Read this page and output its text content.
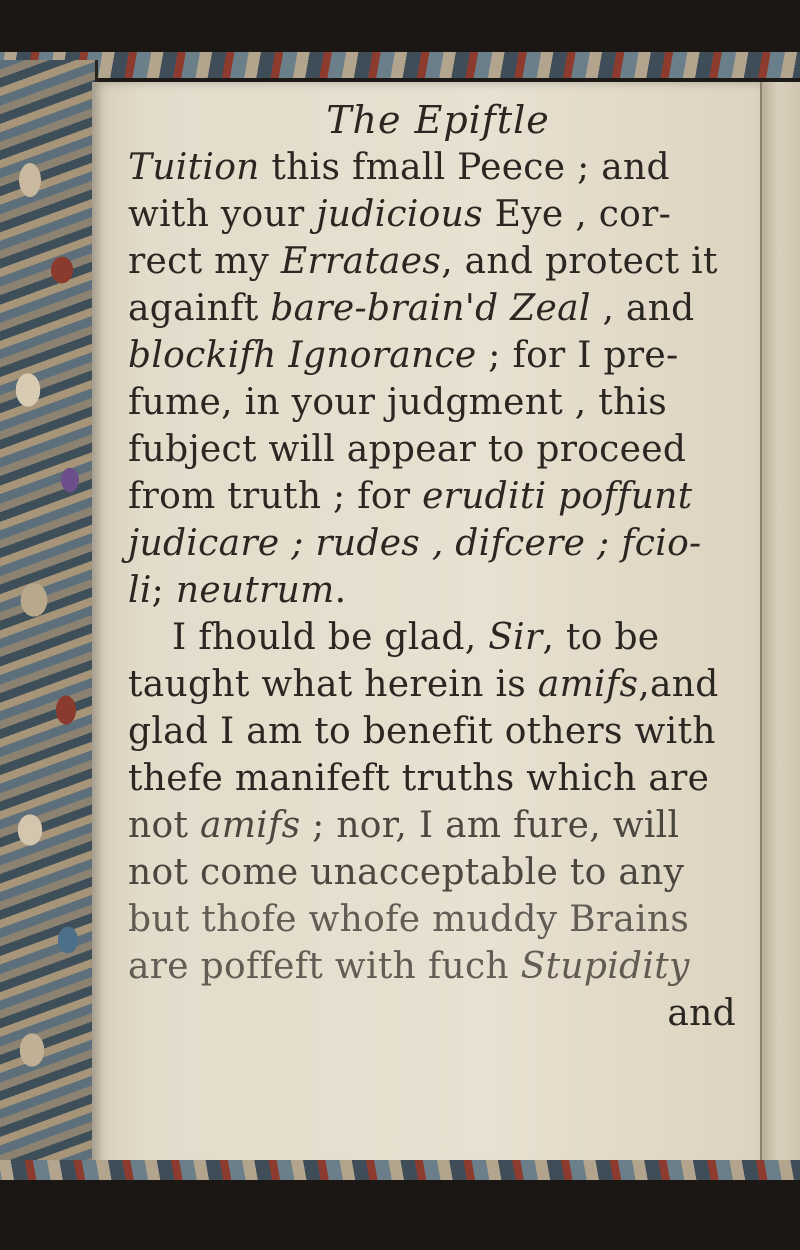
The Epiftle
Tuition this fmall Peece ; and
with your judicious Eye , cor-
rect my Errataes, and protect it
againft bare-brain'd Zeal , and
blockifh Ignorance ; for I pre-
fume, in your judgment , this
fubject will appear to proceed
from truth ; for eruditi poffunt
judicare ; rudes , difcere ; fcio-
li; neutrum.
I fhould be glad, Sir, to be
taught what herein is amifs,and
glad I am to benefit others with
thefe manifeft truths which are
not amifs ; nor, I am fure, will
not come unacceptable to any
but thofe whofe muddy Brains
are poffeft with fuch Stupidity
and
